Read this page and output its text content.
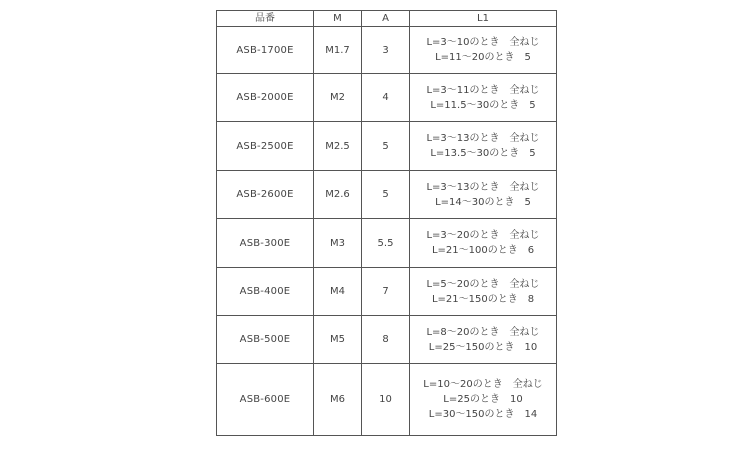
品番	M	A	L1
ASB-1700E	M1.7	3	L=3～10のとき　全ねじ
L=11～20のとき　5

ASB-2000E	M2	4	L=3～11のとき　全ねじ
L=11.5～30のとき　5

ASB-2500E	M2.5	5	L=3～13のとき　全ねじ
L=13.5～30のとき　5

ASB-2600E	M2.6	5	L=3～13のとき　全ねじ
L=14～30のとき　5

ASB-300E	M3	5.5	L=3～20のとき　全ねじ
L=21～100のとき　6

ASB-400E	M4	7	L=5～20のとき　全ねじ
L=21～150のとき　8

ASB-500E	M5	8	L=8～20のとき　全ねじ
L=25～150のとき　10

ASB-600E	M6	10	L=10～20のとき　全ねじ
L=25のとき　10
L=30～150のとき　14
